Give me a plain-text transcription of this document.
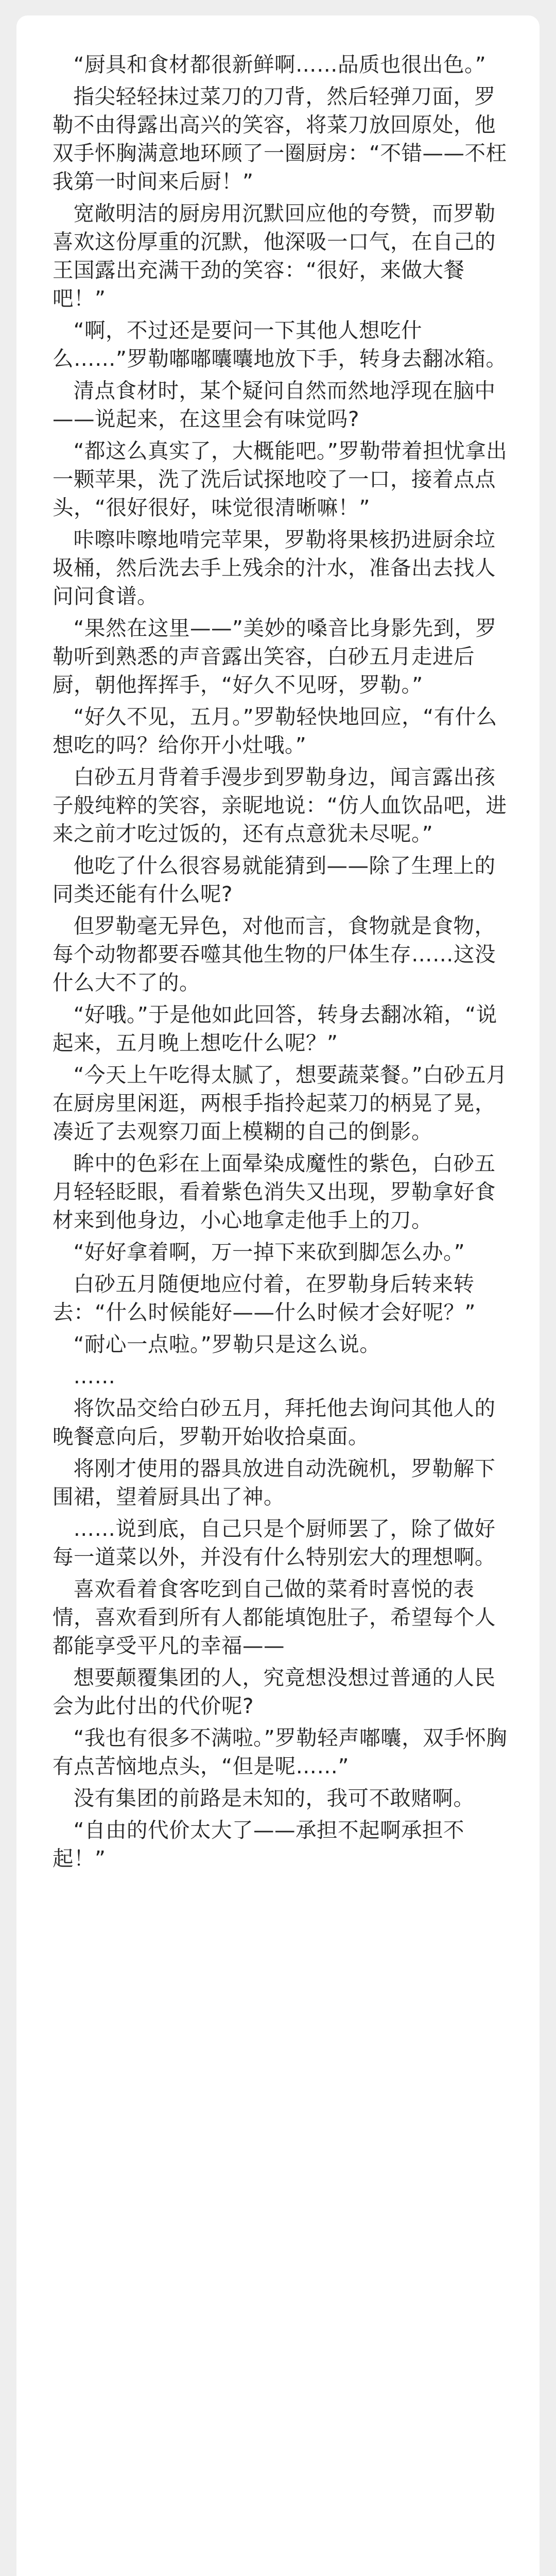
“厨具和食材都很新鲜啊……品质也很出色。”

指尖轻轻抹过菜刀的刀背，然后轻弹刀面，罗勒不由得露出高兴的笑容，将菜刀放回原处，他双手怀胸满意地环顾了一圈厨房：“不错——不枉我第一时间来后厨！”

宽敞明洁的厨房用沉默回应他的夸赞，而罗勒喜欢这份厚重的沉默，他深吸一口气，在自己的王国露出充满干劲的笑容：“很好，来做大餐吧！”

“啊，不过还是要问一下其他人想吃什么……”罗勒嘟嘟囔囔地放下手，转身去翻冰箱。

清点食材时，某个疑问自然而然地浮现在脑中——说起来，在这里会有味觉吗?

“都这么真实了，大概能吧。”罗勒带着担忧拿出一颗苹果，洗了洗后试探地咬了一口，接着点点头，“很好很好，味觉很清晰嘛！”

咔嚓咔嚓地啃完苹果，罗勒将果核扔进厨余垃圾桶，然后洗去手上残余的汁水，准备出去找人问问食谱。

“果然在这里——”美妙的嗓音比身影先到，罗勒听到熟悉的声音露出笑容，白砂五月走进后厨，朝他挥挥手，“好久不见呀，罗勒。”

“好久不见，五月。”罗勒轻快地回应，“有什么想吃的吗？给你开小灶哦。”

白砂五月背着手漫步到罗勒身边，闻言露出孩子般纯粹的笑容，亲昵地说：“仿人血饮品吧，进来之前才吃过饭的，还有点意犹未尽呢。”

他吃了什么很容易就能猜到——除了生理上的同类还能有什么呢?

但罗勒毫无异色，对他而言，食物就是食物，每个动物都要吞噬其他生物的尸体生存……这没什么大不了的。

“好哦。”于是他如此回答，转身去翻冰箱，“说起来，五月晚上想吃什么呢？”

“今天上午吃得太腻了，想要蔬菜餐。”白砂五月在厨房里闲逛，两根手指拎起菜刀的柄晃了晃，凑近了去观察刀面上模糊的自己的倒影。

眸中的色彩在上面晕染成魔性的紫色，白砂五月轻轻眨眼，看着紫色消失又出现，罗勒拿好食材来到他身边，小心地拿走他手上的刀。

“好好拿着啊，万一掉下来砍到脚怎么办。”

白砂五月随便地应付着，在罗勒身后转来转去：“什么时候能好——什么时候才会好呢？”

“耐心一点啦。”罗勒只是这么说。

……

将饮品交给白砂五月，拜托他去询问其他人的晚餐意向后，罗勒开始收拾桌面。

将刚才使用的器具放进自动洗碗机，罗勒解下围裙，望着厨具出了神。

……说到底，自己只是个厨师罢了，除了做好每一道菜以外，并没有什么特别宏大的理想啊。

喜欢看着食客吃到自己做的菜肴时喜悦的表情，喜欢看到所有人都能填饱肚子，希望每个人都能享受平凡的幸福——

想要颠覆集团的人，究竟想没想过普通的人民会为此付出的代价呢?

“我也有很多不满啦。”罗勒轻声嘟囔，双手怀胸有点苦恼地点头，“但是呢……”

没有集团的前路是未知的，我可不敢赌啊。

“自由的代价太大了——承担不起啊承担不起！”
